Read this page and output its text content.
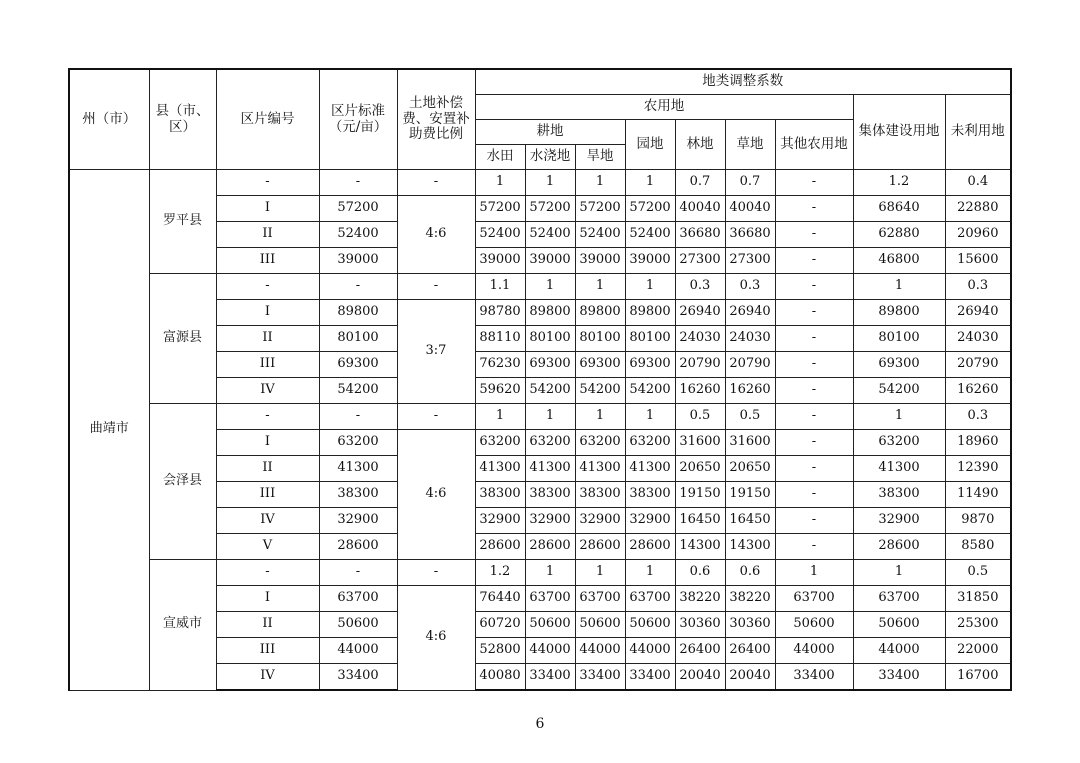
州（市）	县（市、区）	区片编号	区片标准（元/亩）	土地补偿费、安置补助费比例	地类调整系数								
					农用地							集体建设用地	未利用地
					耕地			园地	林地	草地	其他农用地		
					水田	水浇地	旱地						
曲靖市	罗平县	-	-	-	1	1	1	1	0.7	0.7	-	1.2	0.4
		I	57200	4:6	57200	57200	57200	57200	40040	40040	-	68640	22880
		II	52400		52400	52400	52400	52400	36680	36680	-	62880	20960
		III	39000		39000	39000	39000	39000	27300	27300	-	46800	15600
	富源县	-	-	-	1.1	1	1	1	0.3	0.3	-	1	0.3
		I	89800	3:7	98780	89800	89800	89800	26940	26940	-	89800	26940
		II	80100		88110	80100	80100	80100	24030	24030	-	80100	24030
		III	69300		76230	69300	69300	69300	20790	20790	-	69300	20790
		IV	54200		59620	54200	54200	54200	16260	16260	-	54200	16260
	会泽县	-	-	-	1	1	1	1	0.5	0.5	-	1	0.3
		I	63200	4:6	63200	63200	63200	63200	31600	31600	-	63200	18960
		II	41300		41300	41300	41300	41300	20650	20650	-	41300	12390
		III	38300		38300	38300	38300	38300	19150	19150	-	38300	11490
		IV	32900		32900	32900	32900	32900	16450	16450	-	32900	9870
		V	28600		28600	28600	28600	28600	14300	14300	-	28600	8580
	宣威市	-	-	-	1.2	1	1	1	0.6	0.6	1	1	0.5
		I	63700	4:6	76440	63700	63700	63700	38220	38220	63700	63700	31850
		II	50600		60720	50600	50600	50600	30360	30360	50600	50600	25300
		III	44000		52800	44000	44000	44000	26400	26400	44000	44000	22000
		IV	33400		40080	33400	33400	33400	20040	20040	33400	33400	16700
6
